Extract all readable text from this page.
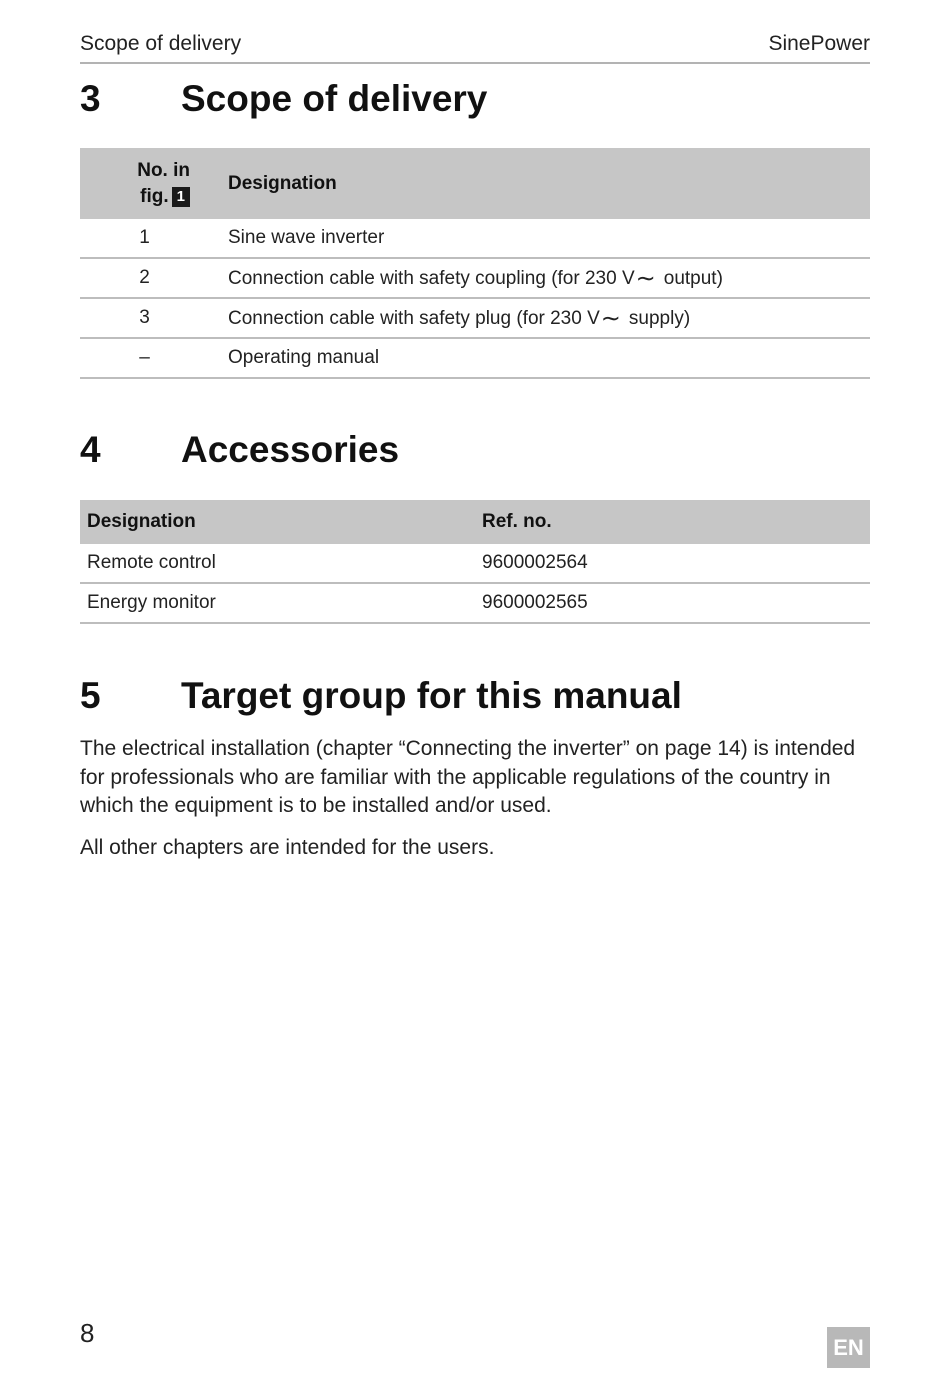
Scope of delivery	SinePower
3 Scope of delivery
No. in
fig. 1	Designation
1	Sine wave inverter
2	Connection cable with safety coupling (for 230 V∼ output)
3	Connection cable with safety plug (for 230 V∼ supply)
–	Operating manual
4 Accessories
Designation	Ref. no.
Remote control	9600002564
Energy monitor	9600002565
5 Target group for this manual

The electrical installation (chapter “Connecting the inverter” on page 14) is intended for professionals who are familiar with the applicable regulations of the country in which the equipment is to be installed and/or used.

All other chapters are intended for the users.

8	EN
